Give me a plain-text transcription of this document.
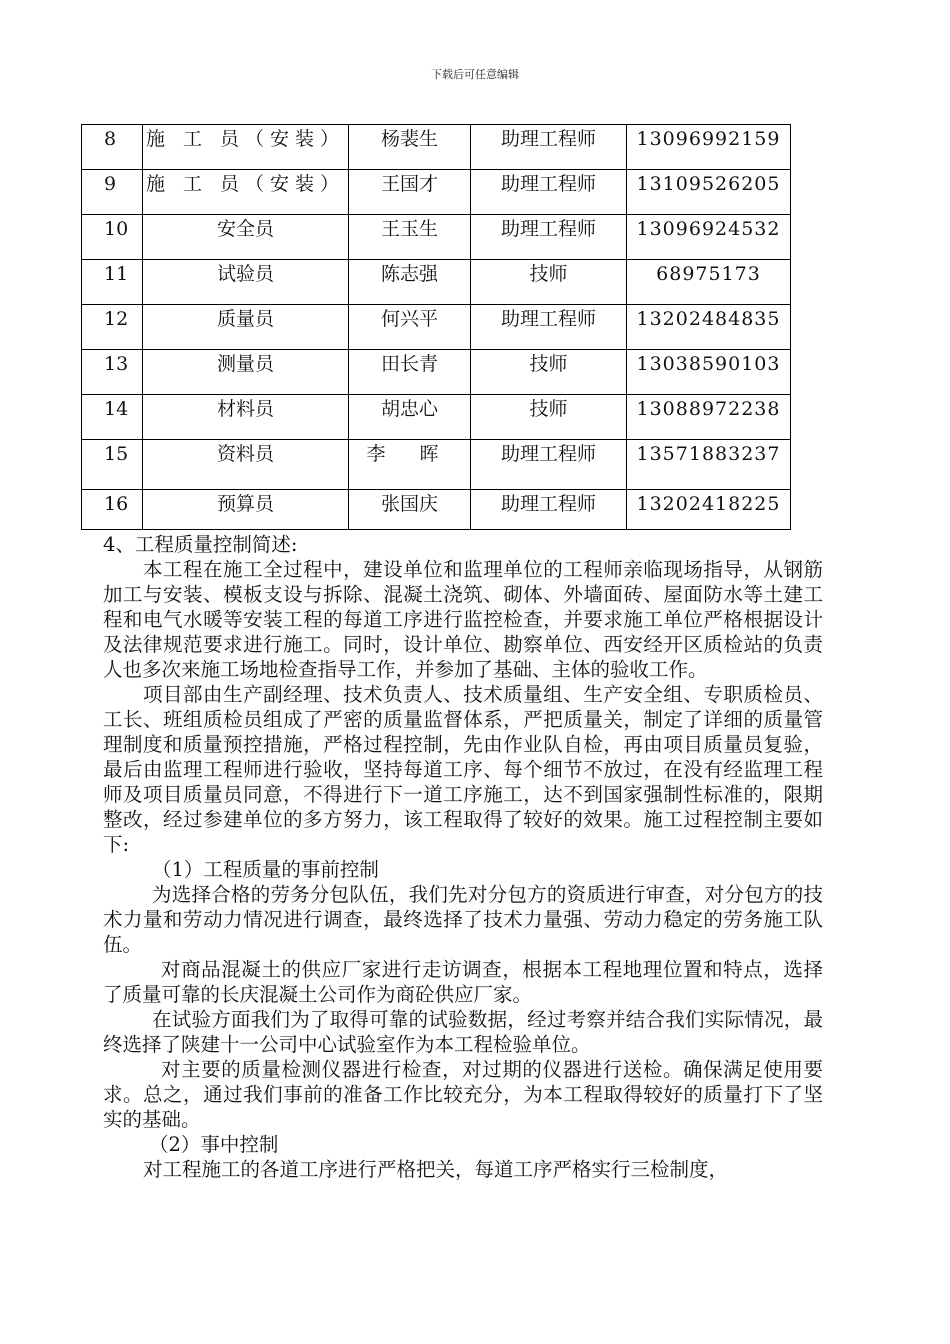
下载后可任意编辑
8	施 工 员（安装）	杨裴生	助理工程师	13096992159

9	施 工 员（安装）	王国才	助理工程师	13109526205

10	安全员	王玉生	助理工程师	13096924532

11	试验员	陈志强	技师	68975173

12	质量员	何兴平	助理工程师	13202484835

13	测量员	田长青	技师	13038590103

14	材料员	胡忠心	技师	13088972238

15	资料员	李 晖	助理工程师	13571883237

16	预算员	张国庆	助理工程师	13202418225

4、工程质量控制简述:

本工程在施工全过程中，建设单位和监理单位的工程师亲临现场指导，从钢筋加工与安装、模板支设与拆除、混凝土浇筑、砌体、外墙面砖、屋面防水等土建工程和电气水暖等安装工程的每道工序进行监控检查，并要求施工单位严格根据设计及法律规范要求进行施工。同时，设计单位、勘察单位、西安经开区质检站的负责人也多次来施工场地检查指导工作，并参加了基础、主体的验收工作。

项目部由生产副经理、技术负责人、技术质量组、生产安全组、专职质检员、工长、班组质检员组成了严密的质量监督体系，严把质量关，制定了详细的质量管理制度和质量预控措施，严格过程控制，先由作业队自检，再由项目质量员复验，最后由监理工程师进行验收，坚持每道工序、每个细节不放过，在没有经监理工程师及项目质量员同意，不得进行下一道工序施工，达不到国家强制性标准的，限期整改，经过参建单位的多方努力，该工程取得了较好的效果。施工过程控制主要如下:

（1）工程质量的事前控制

为选择合格的劳务分包队伍，我们先对分包方的资质进行审查，对分包方的技术力量和劳动力情况进行调查，最终选择了技术力量强、劳动力稳定的劳务施工队伍。

对商品混凝土的供应厂家进行走访调查，根据本工程地理位置和特点，选择了质量可靠的长庆混凝土公司作为商砼供应厂家。

在试验方面我们为了取得可靠的试验数据，经过考察并结合我们实际情况，最终选择了陕建十一公司中心试验室作为本工程检验单位。

对主要的质量检测仪器进行检查，对过期的仪器进行送检。确保满足使用要求。总之，通过我们事前的准备工作比较充分，为本工程取得较好的质量打下了坚实的基础。

（2）事中控制

对工程施工的各道工序进行严格把关，每道工序严格实行三检制度，
